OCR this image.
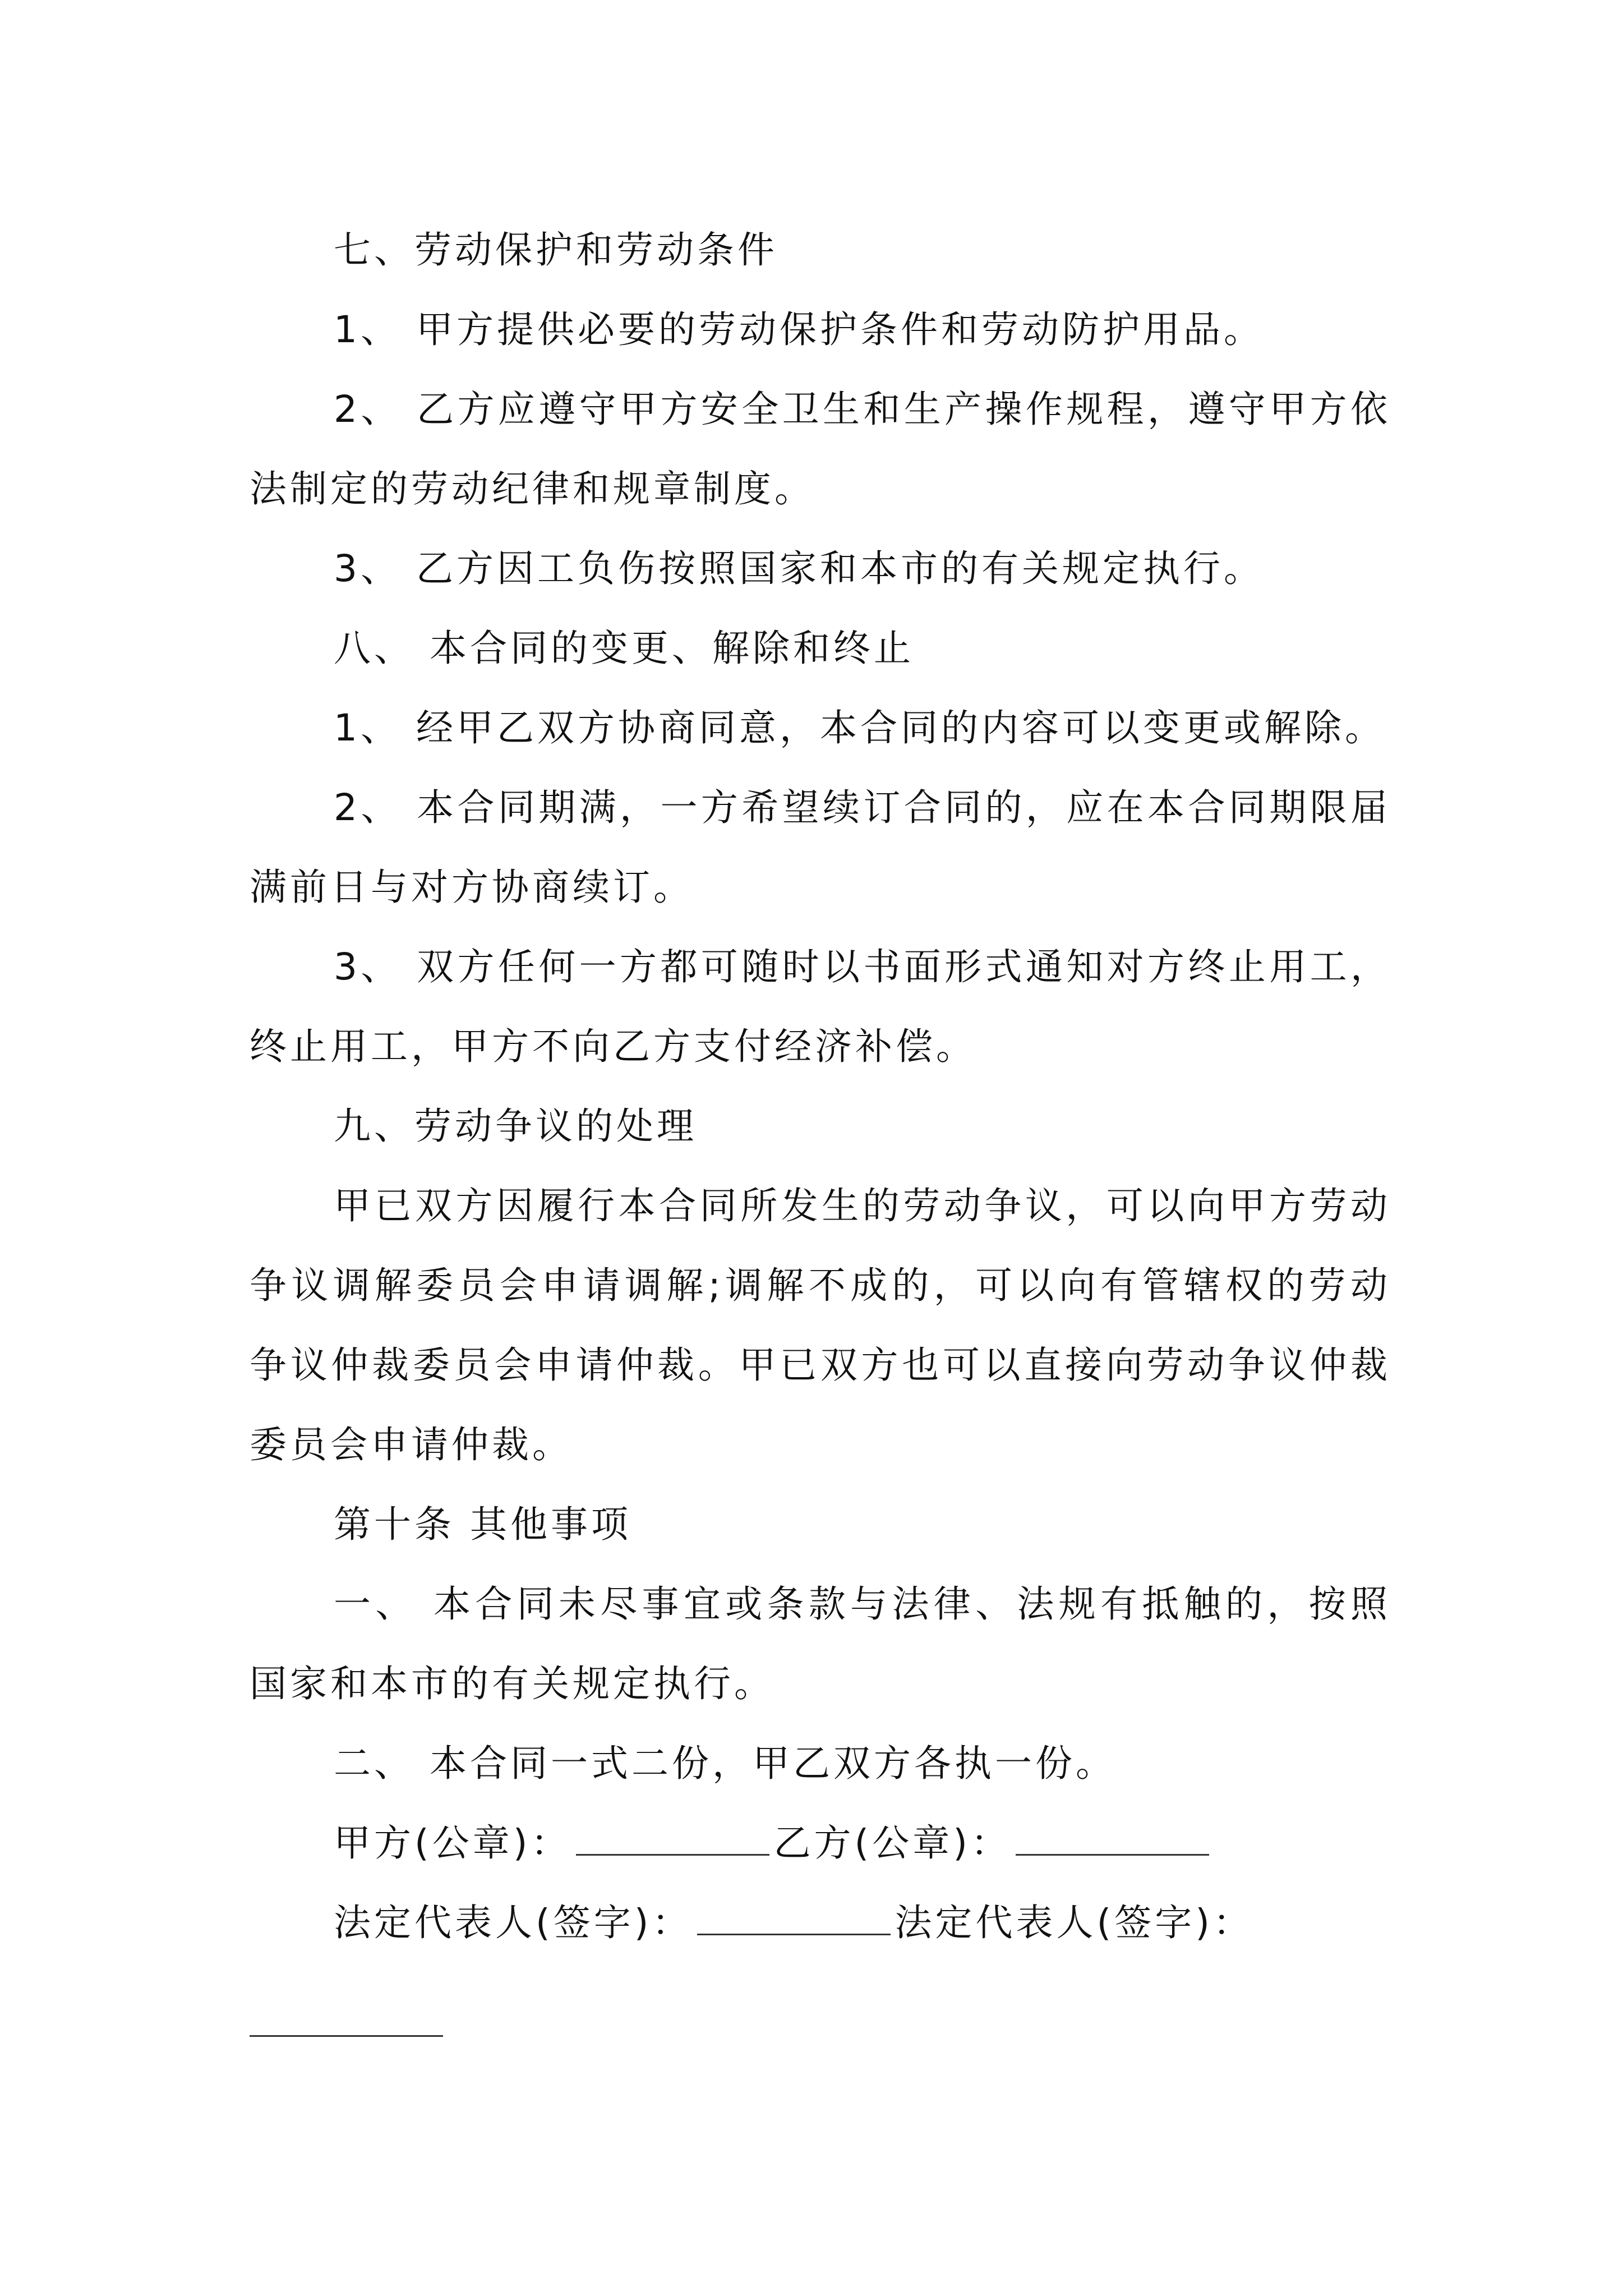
七、劳动保护和劳动条件

1、 甲方提供必要的劳动保护条件和劳动防护用品。

2、 乙方应遵守甲方安全卫生和生产操作规程，遵守甲方依法制定的劳动纪律和规章制度。

3、 乙方因工负伤按照国家和本市的有关规定执行。

八、 本合同的变更、解除和终止

1、 经甲乙双方协商同意，本合同的内容可以变更或解除。

2、 本合同期满，一方希望续订合同的，应在本合同期限届满前日与对方协商续订。

3、 双方任何一方都可随时以书面形式通知对方终止用工，终止用工，甲方不向乙方支付经济补偿。

九、劳动争议的处理

甲已双方因履行本合同所发生的劳动争议，可以向甲方劳动争议调解委员会申请调解;调解不成的，可以向有管辖权的劳动争议仲裁委员会申请仲裁。甲已双方也可以直接向劳动争议仲裁委员会申请仲裁。

第十条 其他事项

一、 本合同未尽事宜或条款与法律、法规有抵触的，按照国家和本市的有关规定执行。

二、 本合同一式二份，甲乙双方各执一份。

甲方(公章)：	乙方(公章)：

法定代表人(签字)：	法定代表人(签字)：
